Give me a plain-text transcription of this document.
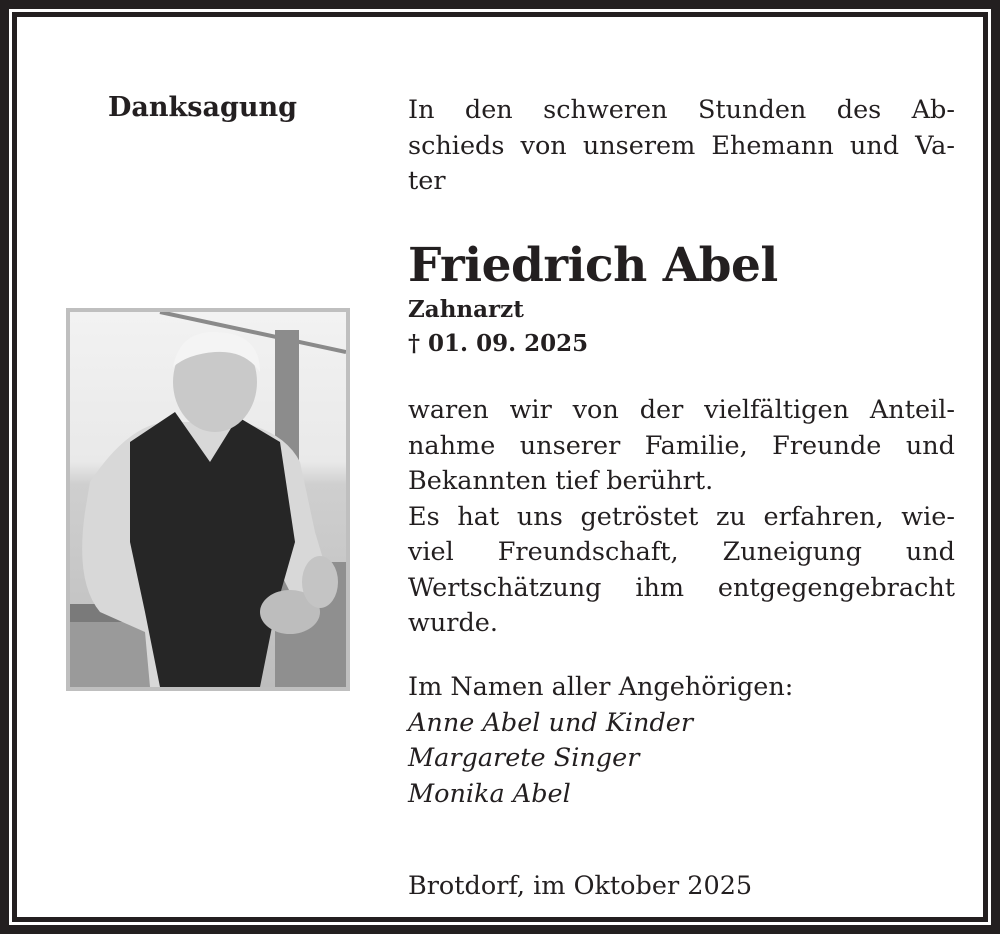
Danksagung	In den schweren Stunden des Ab-
schieds von unserem Ehemann und Va-
ter
Friedrich Abel
Zahnarzt
† 01. 09. 2025
waren wir von der vielfältigen Anteil-
nahme unserer Familie, Freunde und
Bekannten tief berührt.
Es hat uns getröstet zu erfahren, wie-
viel Freundschaft, Zuneigung und
Wertschätzung ihm entgegengebracht
wurde.
Im Namen aller Angehörigen:
Anne Abel und Kinder
Margarete Singer
Monika Abel
Brotdorf, im Oktober 2025
